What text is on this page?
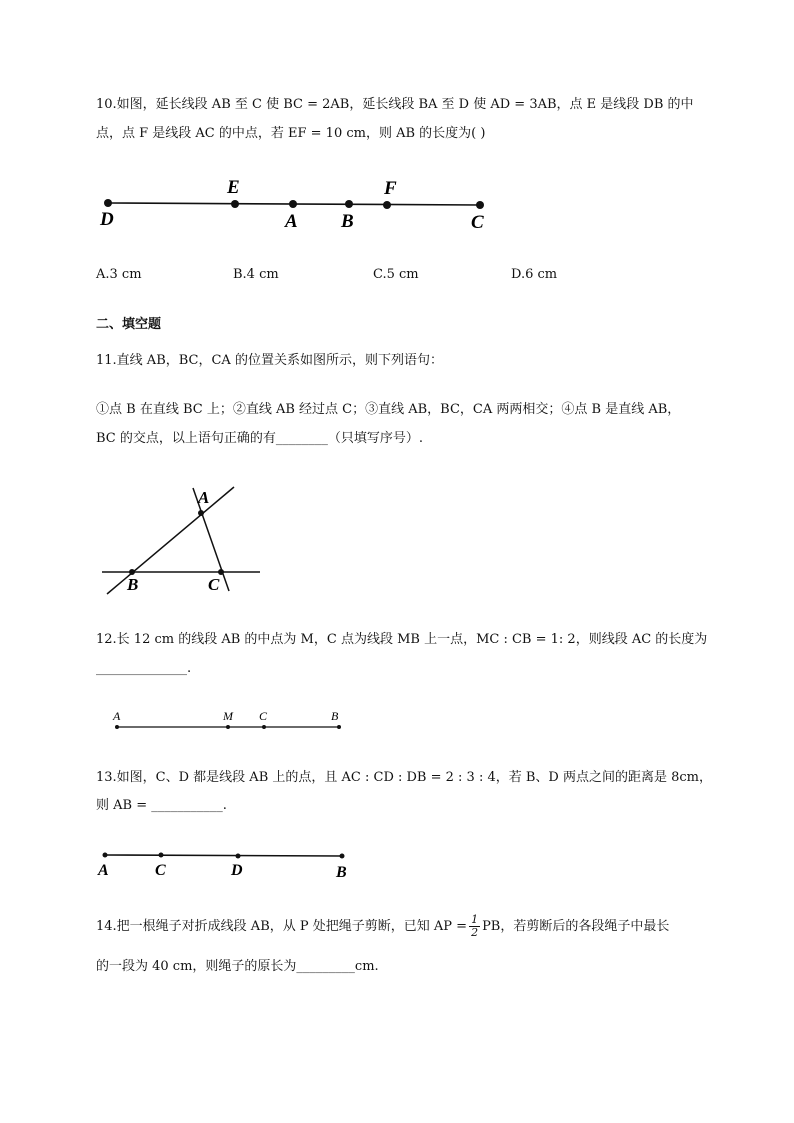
10.如图，延长线段 AB 至 C 使 BC = 2AB，延长线段 BA 至 D 使 AD = 3AB，点 E 是线段 DB 的中
点，点 F 是线段 AC 的中点，若 EF = 10 cm，则 AB 的长度为( )
D
E
A B
F
C
A
B	C
A	M C	B
A	C	D	B
A.3 cm	B.4 cm	C.5 cm	D.6 cm
二、填空题
11.直线 AB，BC，CA 的位置关系如图所示，则下列语句：
①点 B 在直线 BC 上；②直线 AB 经过点 C；③直线 AB，BC，CA 两两相交；④点 B 是直线 AB，
BC 的交点，以上语句正确的有________（只填写序号）.
12.长 12 cm 的线段 AB 的中点为 M，C 点为线段 MB 上一点，MC : CB = 1: 2，则线段 AC 的长度为
______________.
13.如图，C、D 都是线段 AB 上的点，且 AC : CD : DB = 2 : 3 : 4，若 B、D 两点之间的距离是 8cm，
则 AB = ___________.
14.把一根绳子对折成线段 AB，从 P 处把绳子剪断，已知 AP = $\frac{1}{2}$ PB，若剪断后的各段绳子中最长
的一段为 40 cm，则绳子的原长为_________cm.
